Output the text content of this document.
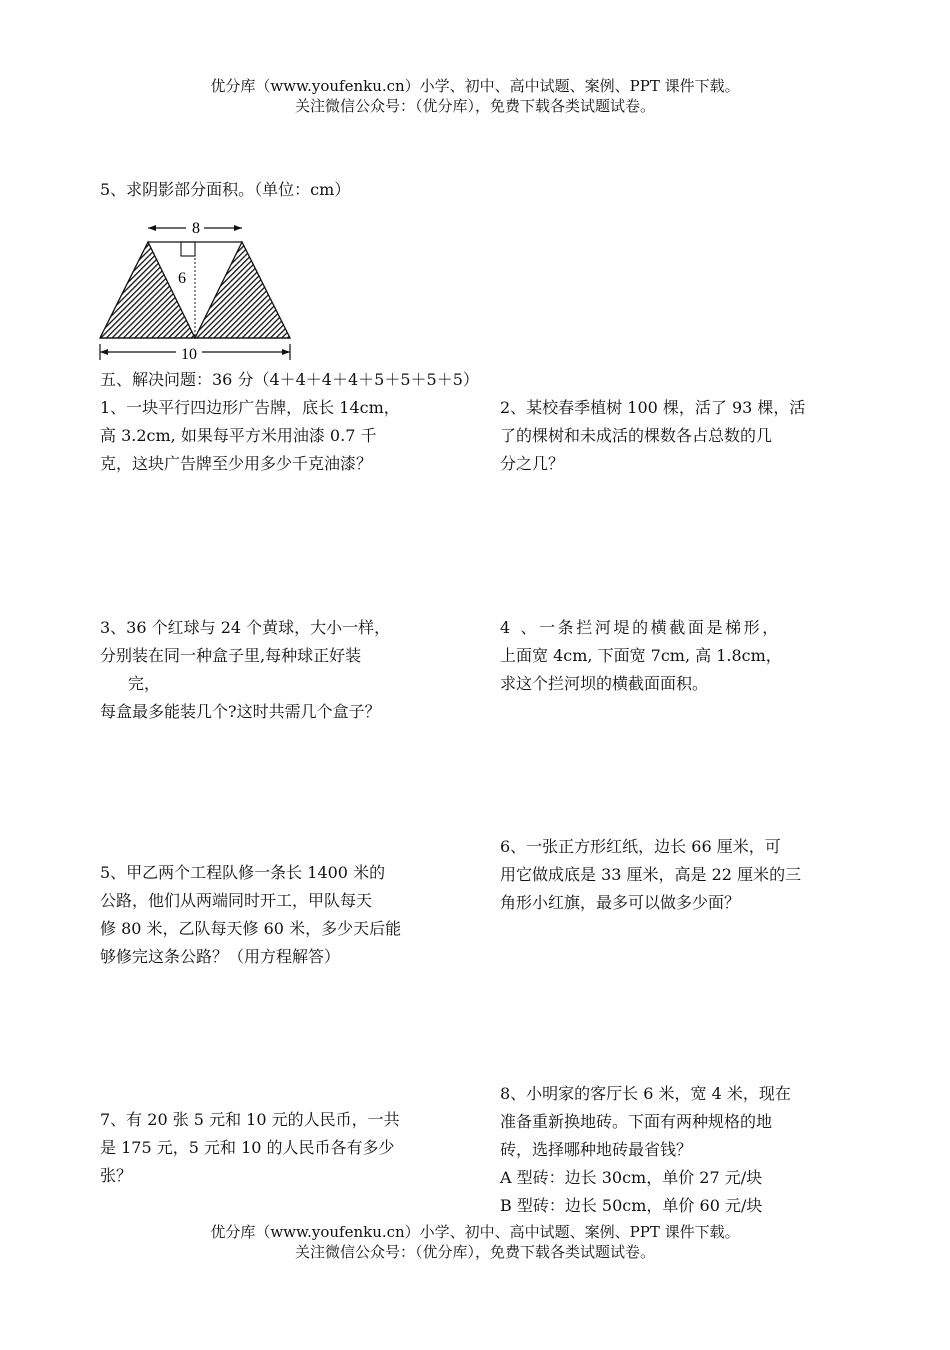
优分库（www.youfenku.cn）小学、初中、高中试题、案例、PPT 课件下载。
关注微信公众号：（优分库），免费下载各类试题试卷。
5、求阴影部分面积。（单位：cm）
8
6
10
五、解决问题：36 分（4＋4＋4＋4＋5＋5＋5＋5）
1、一块平行四边形广告牌，底长 14cm，
高 3.2cm, 如果每平方米用油漆 0.7 千
克，这块广告牌至少用多少千克油漆？
2、某校春季植树 100 棵，活了 93 棵，活
了的棵树和未成活的棵数各占总数的几
分之几？
3、36 个红球与 24 个黄球，大小一样，
分别装在同一种盒子里,每种球正好装
完，
每盒最多能装几个?这时共需几个盒子？
4 、一条拦河堤的横截面是梯形，
上面宽 4cm, 下面宽 7cm, 高 1.8cm，
求这个拦河坝的横截面面积。
6、一张正方形红纸，边长 66 厘米，可
用它做成底是 33 厘米，高是 22 厘米的三
角形小红旗，最多可以做多少面？
5、甲乙两个工程队修一条长 1400 米的
公路，他们从两端同时开工，甲队每天
修 80 米，乙队每天修 60 米，多少天后能
够修完这条公路？（用方程解答）
8、小明家的客厅长 6 米，宽 4 米，现在
准备重新换地砖。下面有两种规格的地
砖，选择哪种地砖最省钱？
A 型砖：边长 30cm，单价 27 元/块
B 型砖：边长 50cm，单价 60 元/块
7、有 20 张 5 元和 10 元的人民币，一共
是 175 元，5 元和 10 的人民币各有多少
张？
优分库（www.youfenku.cn）小学、初中、高中试题、案例、PPT 课件下载。
关注微信公众号：（优分库），免费下载各类试题试卷。
